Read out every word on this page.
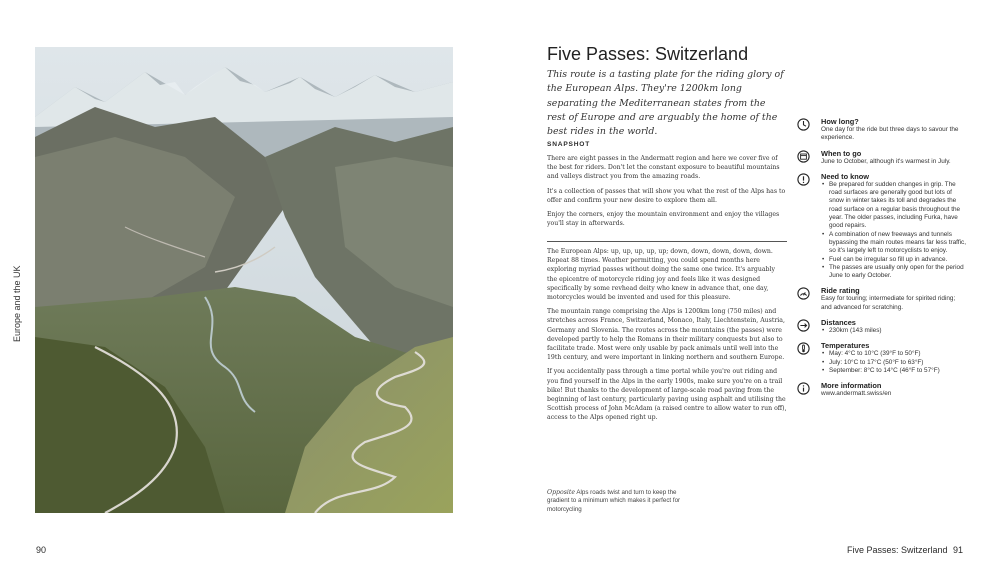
Europe and the UK
90
Five Passes: Switzerland
This route is a tasting plate for the riding glory of the European Alps. They're 1200km long separating the Mediterranean states from the rest of Europe and are arguably the home of the best rides in the world.
SNAPSHOT

There are eight passes in the Andermatt region and here we cover five of the best for riders. Don't let the constant exposure to beautiful mountains and valleys distract you from the amazing roads.

It's a collection of passes that will show you what the rest of the Alps has to offer and confirm your new desire to explore them all.

Enjoy the corners, enjoy the mountain environment and enjoy the villages you'll stay in afterwards.

The European Alps: up, up, up, up, up; down, down, down, down, down. Repeat 88 times. Weather permitting, you could spend months here exploring myriad passes without doing the same one twice. It's arguably the epicentre of motorcycle riding joy and feels like it was designed specifically by some revhead deity who knew in advance that, one day, motorcycles would be invented and used for this pleasure.

The mountain range comprising the Alps is 1200km long (750 miles) and stretches across France, Switzerland, Monaco, Italy, Liechtenstein, Austria, Germany and Slovenia. The routes across the mountains (the passes) were developed partly to help the Romans in their military conquests but also to facilitate trade. Most were only usable by pack animals until well into the 19th century, and were important in linking northern and southern Europe.

If you accidentally pass through a time portal while you're out riding and you find yourself in the Alps in the early 1900s, make sure you're on a trail bike! But thanks to the development of large-scale road paving from the beginning of last century, particularly paving using asphalt and utilising the Scottish process of John McAdam (a raised centre to allow water to run off), access to the Alps opened right up.

Opposite Alps roads twist and turn to keep the gradient to a minimum which makes it perfect for motorcycling
How long?
One day for the ride but three days to savour the experience.
When to go
June to October, although it's warmest in July.
Need to know
• Be prepared for sudden changes in grip. The road surfaces are generally good but lots of snow in winter takes its toll and degrades the road surface on a regular basis throughout the year. The older passes, including Furka, have good repairs.
• A combination of new freeways and tunnels bypassing the main routes means far less traffic, so it's largely left to motorcyclists to enjoy.
• Fuel can be irregular so fill up in advance.
• The passes are usually only open for the period June to early October.
Ride rating
Easy for touring; intermediate for spirited riding; and advanced for scratching.
Distances
• 230km (143 miles)
Temperatures
• May: 4°C to 10°C (39°F to 50°F)
• July: 10°C to 17°C (50°F to 63°F)
• September: 8°C to 14°C (46°F to 57°F)
More information
www.andermatt.swiss/en
Five Passes: Switzerland 91
